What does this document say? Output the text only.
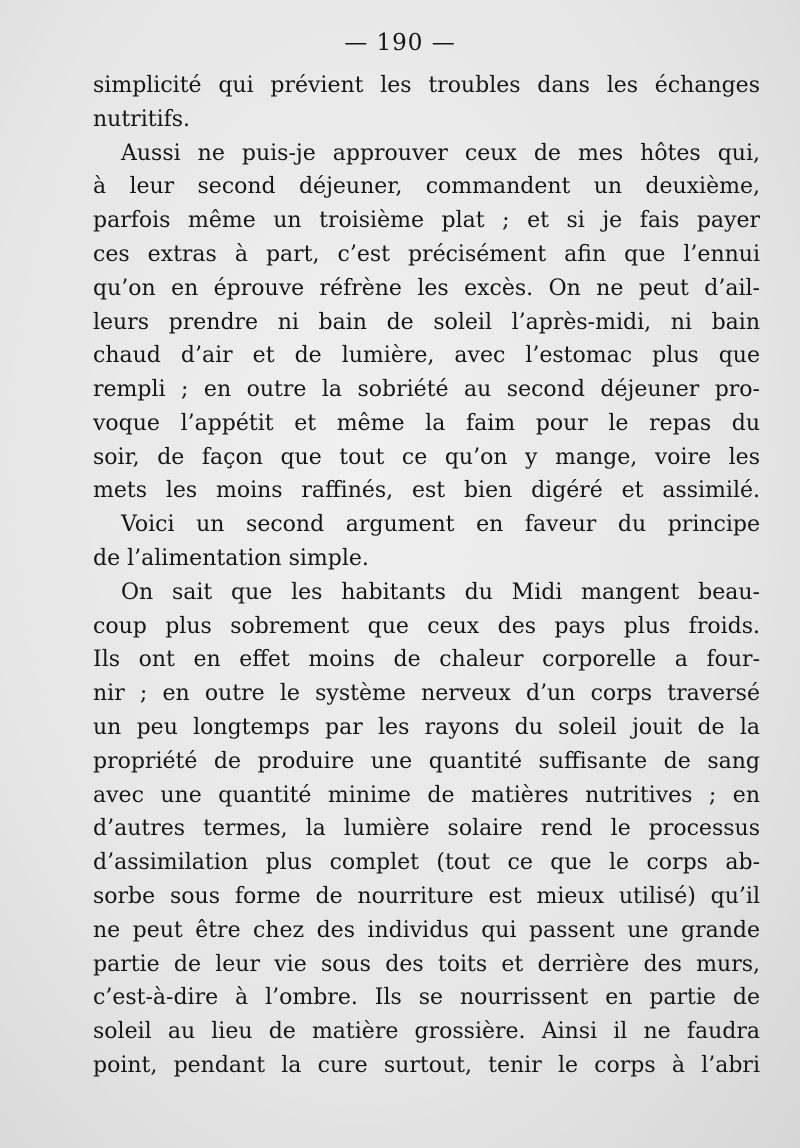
— 190 —
simplicité qui prévient les troubles dans les échanges
nutritifs.
Aussi ne puis-je approuver ceux de mes hôtes qui,
à leur second déjeuner, commandent un deuxième,
parfois même un troisième plat ; et si je fais payer
ces extras à part, c’est précisément afin que l’ennui
qu’on en éprouve réfrène les excès. On ne peut d’ail-
leurs prendre ni bain de soleil l’après-midi, ni bain
chaud d’air et de lumière, avec l’estomac plus que
rempli ; en outre la sobriété au second déjeuner pro-
voque l’appétit et même la faim pour le repas du
soir, de façon que tout ce qu’on y mange, voire les
mets les moins raffinés, est bien digéré et assimilé.
Voici un second argument en faveur du principe
de l’alimentation simple.
On sait que les habitants du Midi mangent beau-
coup plus sobrement que ceux des pays plus froids.
Ils ont en effet moins de chaleur corporelle a four-
nir ; en outre le système nerveux d’un corps traversé
un peu longtemps par les rayons du soleil jouit de la
propriété de produire une quantité suffisante de sang
avec une quantité minime de matières nutritives ; en
d’autres termes, la lumière solaire rend le processus
d’assimilation plus complet (tout ce que le corps ab-
sorbe sous forme de nourriture est mieux utilisé) qu’il
ne peut être chez des individus qui passent une grande
partie de leur vie sous des toits et derrière des murs,
c’est-à-dire à l’ombre. Ils se nourrissent en partie de
soleil au lieu de matière grossière. Ainsi il ne faudra
point, pendant la cure surtout, tenir le corps à l’abri
